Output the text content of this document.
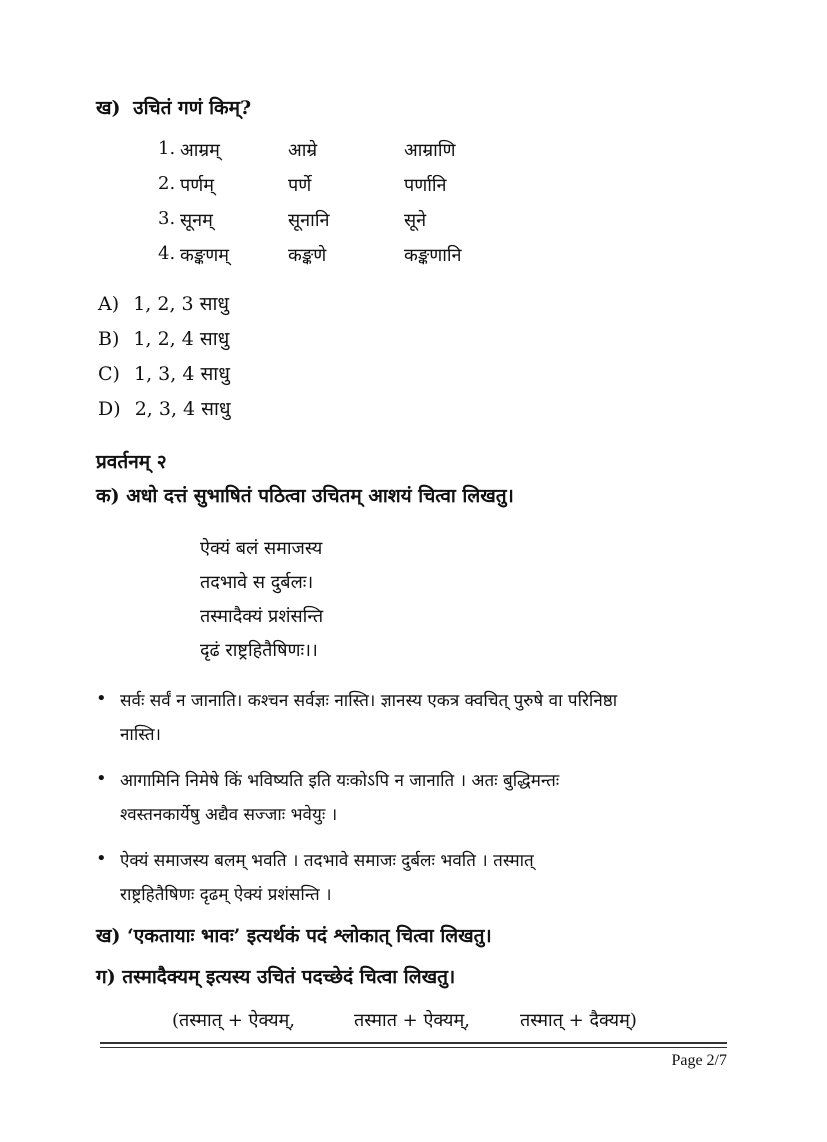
ख) उचितं गणं किम्?
1. आम्रम्	आम्रे	आम्राणि
2. पर्णम्	पर्णे	पर्णानि
3. सूनम्	सूनानि	सूने
4. कङ्कणम्	कङ्कणे	कङ्कणानि
A) 1, 2, 3 साधु
B) 1, 2, 4 साधु
C) 1, 3, 4 साधु
D) 2, 3, 4 साधु
प्रवर्तनम् २
क) अधो दत्तं सुभाषितं पठित्वा उचितम् आशयं चित्वा लिखतु।
ऐक्यं बलं समाजस्य
तदभावे स दुर्बलः।
तस्मादैक्यं प्रशंसन्ति
दृढं राष्ट्रहितैषिणः।।
• सर्वः सर्वं न जानाति। कश्चन सर्वज्ञः नास्ति। ज्ञानस्य एकत्र क्वचित् पुरुषे वा परिनिष्ठा
नास्ति।
• आगामिनि निमेषे किं भविष्यति इति यःकोऽपि न जानाति । अतः बुद्धिमन्तः
श्वस्तनकार्येषु अद्यैव सज्जाः भवेयुः ।
• ऐक्यं समाजस्य बलम् भवति । तदभावे समाजः दुर्बलः भवति । तस्मात्
राष्ट्रहितैषिणः दृढम् ऐक्यं प्रशंसन्ति ।
ख) ‘एकतायाः भावः’ इत्यर्थकं पदं श्लोकात् चित्वा लिखतु।
ग) तस्मादैक्यम् इत्यस्य उचितं पदच्छेदं चित्वा लिखतु।
(तस्मात् + ऐक्यम्,	तस्मात + ऐक्यम्,	तस्मात् + दैक्यम्)
Page 2/7
